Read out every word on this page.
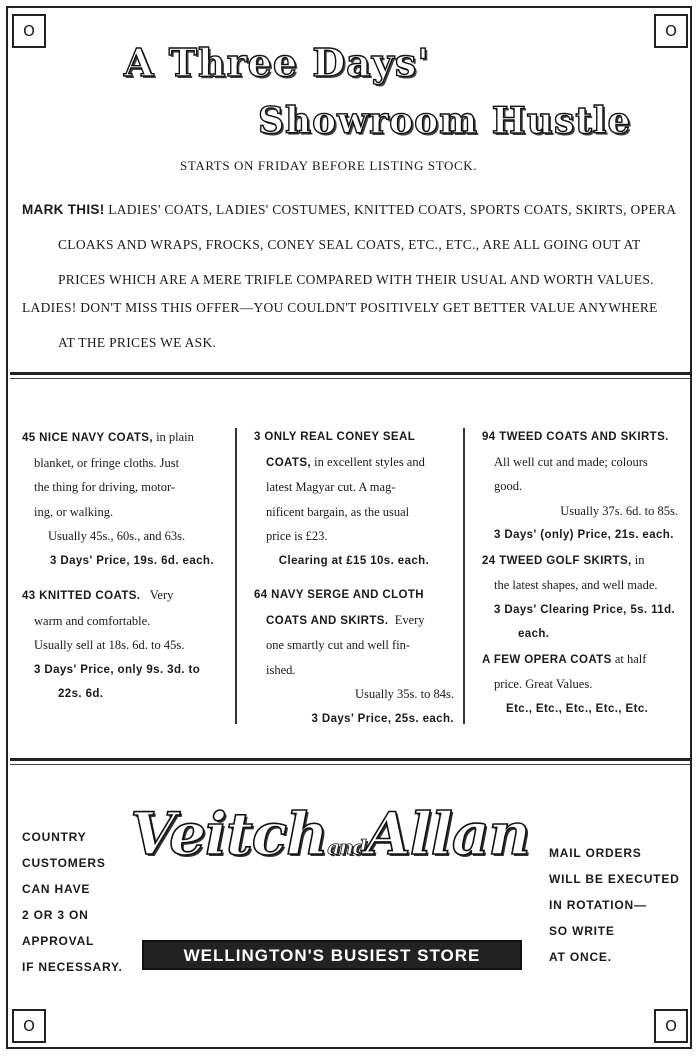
O	O
O	O
A Three Days'
Showroom Hustle
STARTS ON FRIDAY BEFORE LISTING STOCK.
MARK THIS! LADIES' COATS, LADIES' COSTUMES, KNITTED COATS, SPORTS COATS, SKIRTS, OPERA
CLOAKS AND WRAPS, FROCKS, CONEY SEAL COATS, ETC., ETC., ARE ALL GOING OUT AT
PRICES WHICH ARE A MERE TRIFLE COMPARED WITH THEIR USUAL AND WORTH VALUES.
LADIES! DON'T MISS THIS OFFER—YOU COULDN'T POSITIVELY GET BETTER VALUE ANYWHERE
AT THE PRICES WE ASK.
45 NICE NAVY COATS, in plain
blanket, or fringe cloths. Just
the thing for driving, motor-
ing, or walking.
Usually 45s., 60s., and 63s.
3 Days' Price, 19s. 6d. each.
43 KNITTED COATS. Very
warm and comfortable.
Usually sell at 18s. 6d. to 45s.
3 Days' Price, only 9s. 3d. to
22s. 6d.
3 ONLY REAL CONEY SEAL
COATS, in excellent styles and
latest Magyar cut. A mag-
nificent bargain, as the usual
price is £23.
Clearing at £15 10s. each.
64 NAVY SERGE AND CLOTH
COATS AND SKIRTS. Every
one smartly cut and well fin-
ished.
Usually 35s. to 84s.
3 Days' Price, 25s. each.
94 TWEED COATS AND SKIRTS.
All well cut and made; colours
good.
Usually 37s. 6d. to 85s.
3 Days' (only) Price, 21s. each.
24 TWEED GOLF SKIRTS, in
the latest shapes, and well made.
3 Days' Clearing Price, 5s. 11d.
each.
A FEW OPERA COATS at half
price. Great Values.
Etc., Etc., Etc., Etc., Etc.
COUNTRY
CUSTOMERS
CAN HAVE
2 OR 3 ON
APPROVAL
IF NECESSARY.
VeitchandAllan
WELLINGTON'S BUSIEST STORE
MAIL ORDERS
WILL BE EXECUTED
IN ROTATION—
SO WRITE
AT ONCE.
